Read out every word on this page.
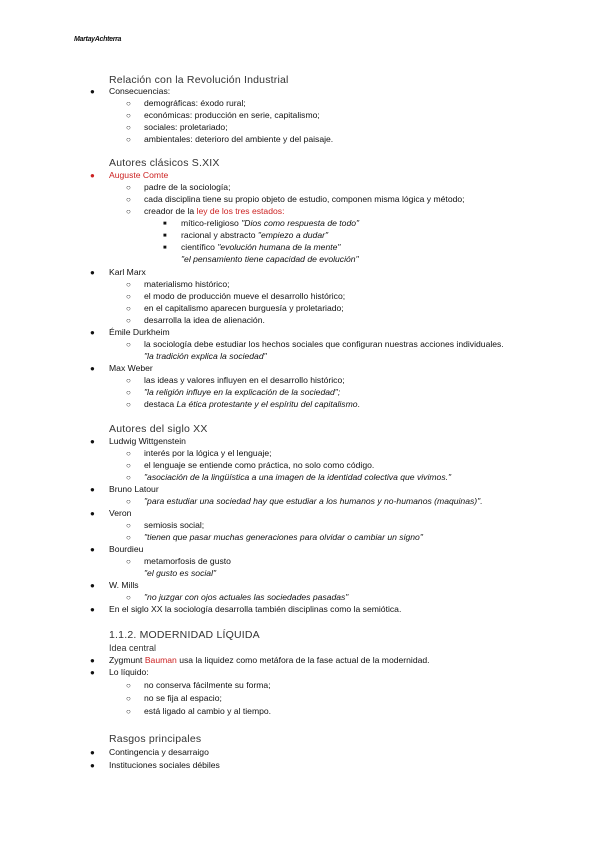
MartayAchterra
Relación con la Revolución Industrial
● Consecuencias:
○ demográficas: éxodo rural;
○ económicas: producción en serie, capitalismo;
○ sociales: proletariado;
○ ambientales: deterioro del ambiente y del paisaje.
Autores clásicos S.XIX
● Auguste Comte
○ padre de la sociología;
○ cada disciplina tiene su propio objeto de estudio, componen misma lógica y método;
○ creador de la ley de los tres estados:
■ mítico-religioso "Dios como respuesta de todo"
■ racional y abstracto "empiezo a dudar"
■ científico "evolución humana de la mente"
"el pensamiento tiene capacidad de evolución"
● Karl Marx
○ materialismo histórico;
○ el modo de producción mueve el desarrollo histórico;
○ en el capitalismo aparecen burguesía y proletariado;
○ desarrolla la idea de alienación.
● Émile Durkheim
○ la sociología debe estudiar los hechos sociales que configuran nuestras acciones individuales.
"la tradición explica la sociedad"
● Max Weber
○ las ideas y valores influyen en el desarrollo histórico;
○ "la religión influye en la explicación de la sociedad";
○ destaca La ética protestante y el espíritu del capitalismo.
Autores del siglo XX
● Ludwig Wittgenstein
○ interés por la lógica y el lenguaje;
○ el lenguaje se entiende como práctica, no solo como código.
○ "asociación de la lingüística a una imagen de la identidad colectiva que vivimos."
● Bruno Latour
○ "para estudiar una sociedad hay que estudiar a los humanos y no-humanos (maquinas)".
● Veron
○ semiosis social;
○ "tienen que pasar muchas generaciones para olvidar o cambiar un signo"
● Bourdieu
○ metamorfosis de gusto
"el gusto es social"
● W. Mills
○ "no juzgar con ojos actuales las sociedades pasadas"
● En el siglo XX la sociología desarrolla también disciplinas como la semiótica.
1.1.2. MODERNIDAD LÍQUIDA
Idea central
● Zygmunt Bauman usa la liquidez como metáfora de la fase actual de la modernidad.
● Lo líquido:
○ no conserva fácilmente su forma;
○ no se fija al espacio;
○ está ligado al cambio y al tiempo.
Rasgos principales
● Contingencia y desarraigo
● Instituciones sociales débiles
